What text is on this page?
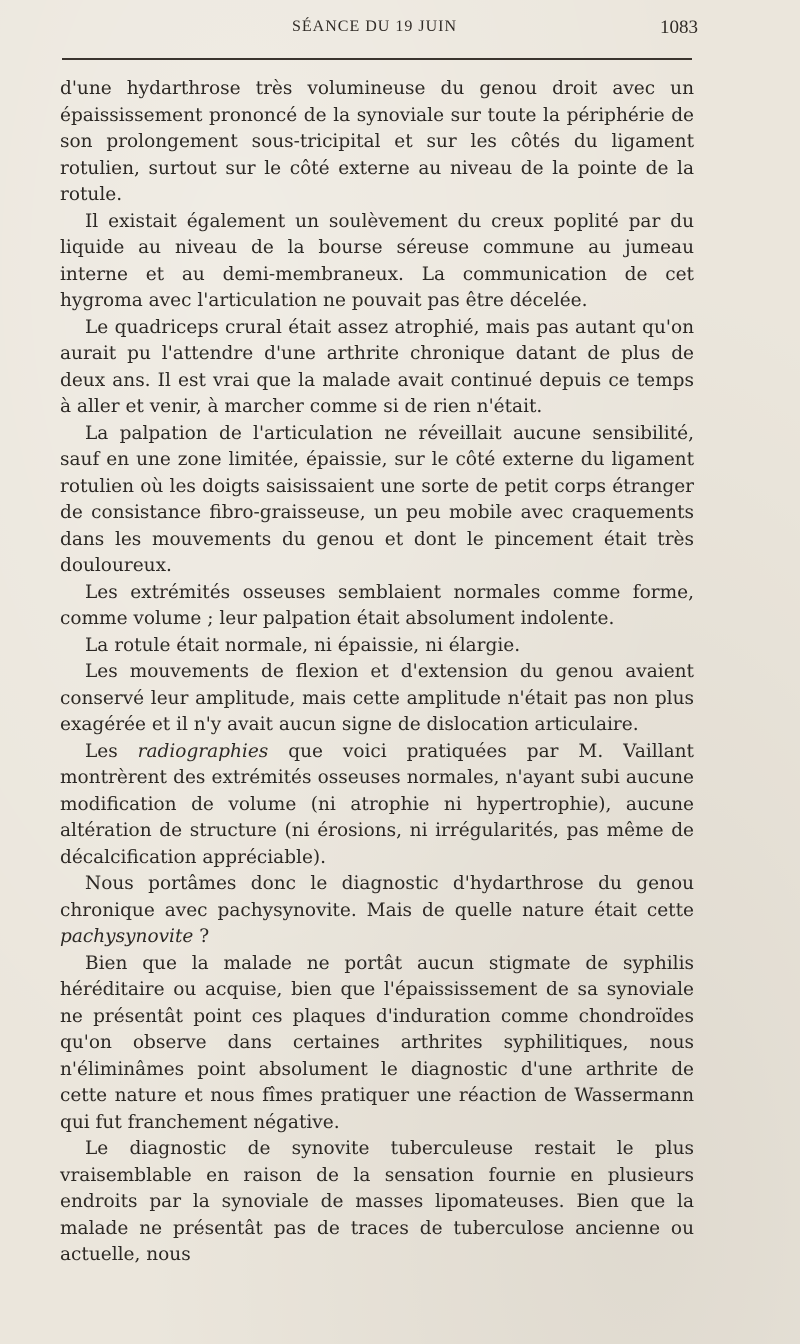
SÉANCE DU 19 JUIN	1083

d'une hydarthrose très volumineuse du genou droit avec un épaississement prononcé de la synoviale sur toute la périphérie de son prolongement sous-tricipital et sur les côtés du ligament rotulien, surtout sur le côté externe au niveau de la pointe de la rotule.

Il existait également un soulèvement du creux poplité par du liquide au niveau de la bourse séreuse commune au jumeau interne et au demi-membraneux. La communication de cet hygroma avec l'articulation ne pouvait pas être décelée.

Le quadriceps crural était assez atrophié, mais pas autant qu'on aurait pu l'attendre d'une arthrite chronique datant de plus de deux ans. Il est vrai que la malade avait continué depuis ce temps à aller et venir, à marcher comme si de rien n'était.

La palpation de l'articulation ne réveillait aucune sensibilité, sauf en une zone limitée, épaissie, sur le côté externe du ligament rotulien où les doigts saisissaient une sorte de petit corps étranger de consistance fibro-graisseuse, un peu mobile avec craquements dans les mouvements du genou et dont le pincement était très douloureux.

Les extrémités osseuses semblaient normales comme forme, comme volume ; leur palpation était absolument indolente.

La rotule était normale, ni épaissie, ni élargie.

Les mouvements de flexion et d'extension du genou avaient conservé leur amplitude, mais cette amplitude n'était pas non plus exagérée et il n'y avait aucun signe de dislocation articulaire.

Les radiographies que voici pratiquées par M. Vaillant montrèrent des extrémités osseuses normales, n'ayant subi aucune modification de volume (ni atrophie ni hypertrophie), aucune altération de structure (ni érosions, ni irrégularités, pas même de décalcification appréciable).

Nous portâmes donc le diagnostic d'hydarthrose du genou chronique avec pachysynovite. Mais de quelle nature était cette pachysynovite ?

Bien que la malade ne portât aucun stigmate de syphilis héréditaire ou acquise, bien que l'épaississement de sa synoviale ne présentât point ces plaques d'induration comme chondroïdes qu'on observe dans certaines arthrites syphilitiques, nous n'éliminâmes point absolument le diagnostic d'une arthrite de cette nature et nous fîmes pratiquer une réaction de Wassermann qui fut franchement négative.

Le diagnostic de synovite tuberculeuse restait le plus vraisemblable en raison de la sensation fournie en plusieurs endroits par la synoviale de masses lipomateuses. Bien que la malade ne présentât pas de traces de tuberculose ancienne ou actuelle, nous
